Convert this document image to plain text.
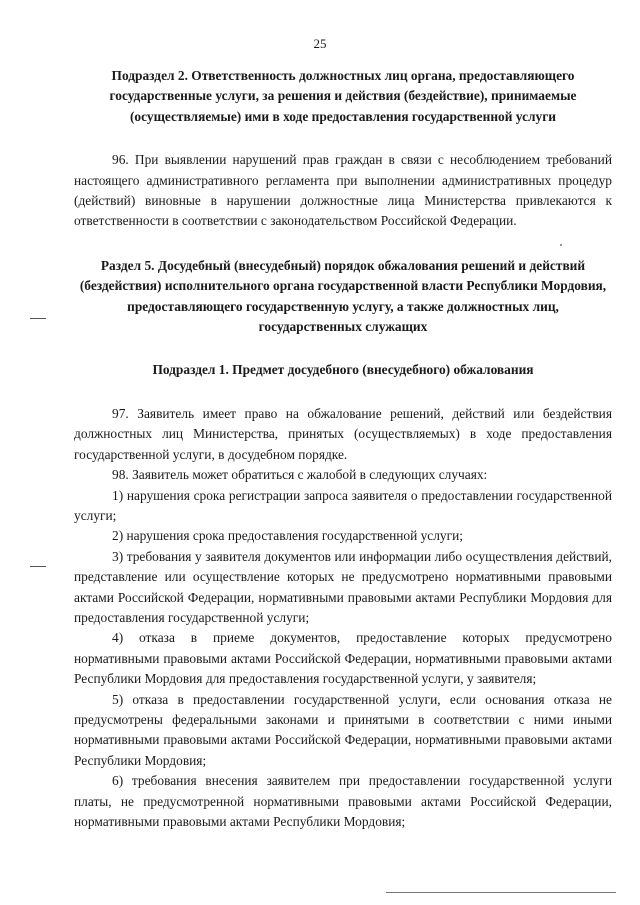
25
Подраздел 2. Ответственность должностных лиц органа, предоставляющего государственные услуги, за решения и действия (бездействие), принимаемые (осуществляемые) ими в ходе предоставления государственной услуги

96. При выявлении нарушений прав граждан в связи с несоблюдением требований настоящего административного регламента при выполнении административных процедур (действий) виновные в нарушении должностные лица Министерства привлекаются к ответственности в соответствии с законодательством Российской Федерации.

Раздел 5. Досудебный (внесудебный) порядок обжалования решений и действий (бездействия) исполнительного органа государственной власти Республики Мордовия, предоставляющего государственную услугу, а также должностных лиц, государственных служащих
Подраздел 1. Предмет досудебного (внесудебного) обжалования

97. Заявитель имеет право на обжалование решений, действий или бездействия должностных лиц Министерства, принятых (осуществляемых) в ходе предоставления государственной услуги, в досудебном порядке.

98. Заявитель может обратиться с жалобой в следующих случаях:

1) нарушения срока регистрации запроса заявителя о предоставлении государственной услуги;

2) нарушения срока предоставления государственной услуги;

3) требования у заявителя документов или информации либо осуществления действий, представление или осуществление которых не предусмотрено нормативными правовыми актами Российской Федерации, нормативными правовыми актами Республики Мордовия для предоставления государственной услуги;

4) отказа в приеме документов, предоставление которых предусмотрено нормативными правовыми актами Российской Федерации, нормативными правовыми актами Республики Мордовия для предоставления государственной услуги, у заявителя;

5) отказа в предоставлении государственной услуги, если основания отказа не предусмотрены федеральными законами и принятыми в соответствии с ними иными нормативными правовыми актами Российской Федерации, нормативными правовыми актами Республики Мордовия;

6) требования внесения заявителем при предоставлении государственной услуги платы, не предусмотренной нормативными правовыми актами Российской Федерации, нормативными правовыми актами Республики Мордовия;
